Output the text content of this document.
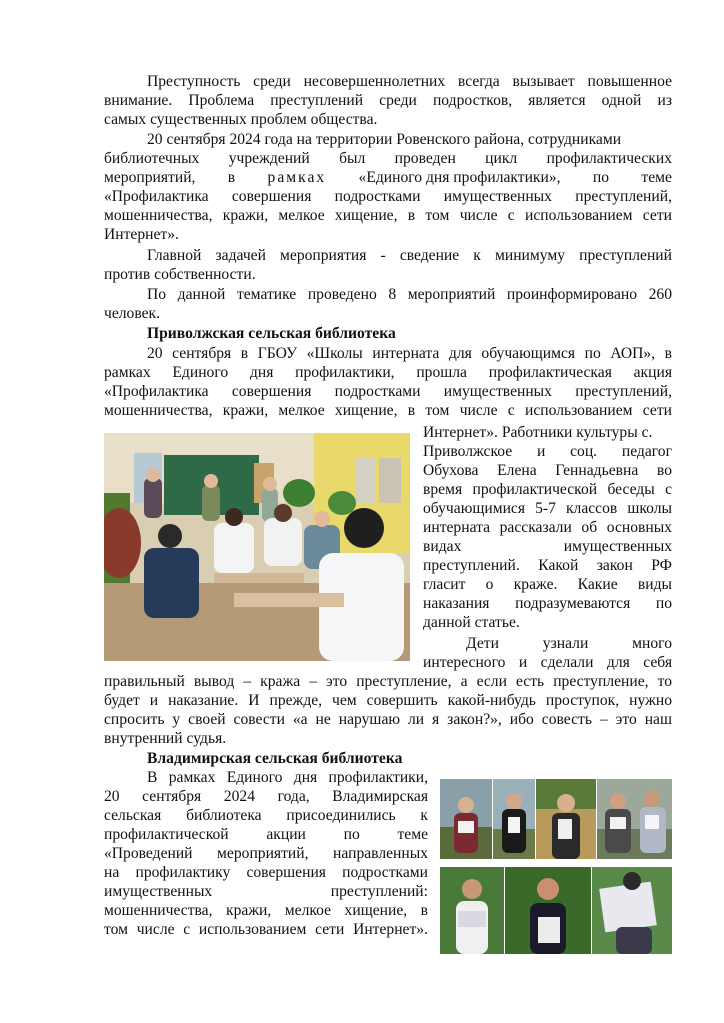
Преступность среди несовершеннолетних всегда вызывает повышенное

внимание. Проблема преступлений среди подростков, является одной из

самых существенных проблем общества.

20 сентября 2024 года на территории Ровенского района, сотрудниками

библиотечных учреждений был проведен цикл профилактических

мероприятий, в рамках «Единого дня профилактики», по теме

«Профилактика совершения подростками имущественных преступлений,

мошенничества, кражи, мелкое хищение, в том числе с использованием сети

Интернет».

Главной задачей мероприятия - сведение к минимуму преступлений

против собственности.

По данной тематике проведено 8 мероприятий проинформировано 260

человек.

Приволжская сельская библиотека

20 сентября в ГБОУ «Школы интерната для обучающимся по АОП», в

рамках Единого дня профилактики, прошла профилактическая акция

«Профилактика совершения подростками имущественных преступлений,

мошенничества, кражи, мелкое хищение, в том числе с использованием сети

Интернет». Работники культуры с.

Приволжское и соц. педагог

Обухова Елена Геннадьевна во

время профилактической беседы с

обучающимися 5-7 классов школы

интерната рассказали об основных

видах имущественных

преступлений. Какой закон РФ

гласит о краже. Какие виды

наказания подразумеваются по

данной статье.

Дети узнали много

интересного и сделали для себя

правильный вывод – кража – это преступление, а если есть преступление, то

будет и наказание. И прежде, чем совершить какой-нибудь проступок, нужно

спросить у своей совести «а не нарушаю ли я закон?», ибо совесть – это наш

внутренний судья.

Владимирская сельская библиотека

В рамках Единого дня профилактики,

20 сентября 2024 года, Владимирская

сельская библиотека присоединились к

профилактической акции по теме

«Проведений мероприятий, направленных

на профилактику совершения подростками

имущественных преступлений:

мошенничества, кражи, мелкое хищение, в

том числе с использованием сети Интернет».
